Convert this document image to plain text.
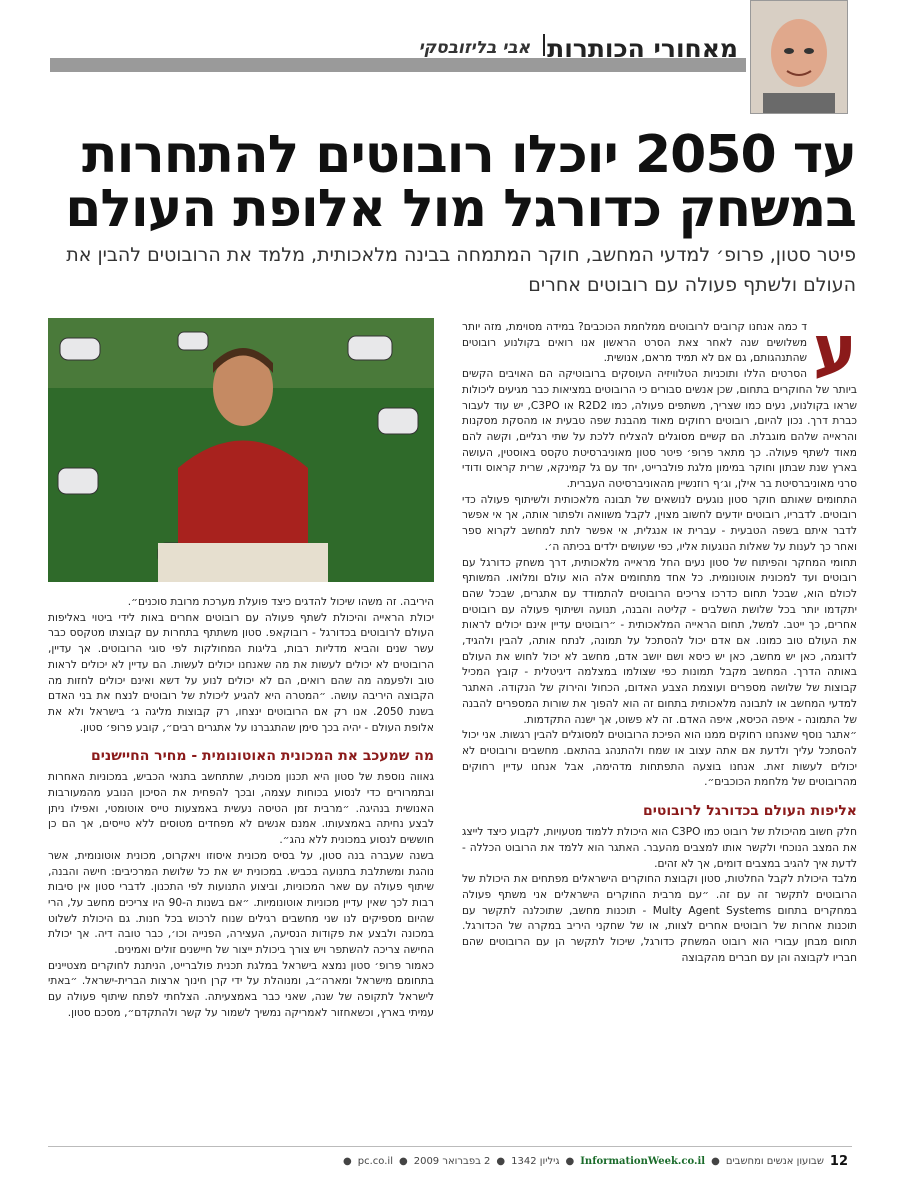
מאחורי הכותרות
אבי בליזובסקי
עד 2050 יוכלו רובוטים להתחרות במשחק כדורגל מול אלופת העולם
פיטר סטון, פרופ׳ למדעי המחשב, חוקר המתמחה בבינה מלאכותית, מלמד את הרובוטים להבין את העולם ולשתף פעולה עם רובוטים אחרים

ע
ד כמה אנחנו קרובים לרובוטים ממלחמת הכוכבים? במידה מסוימת, מזה יותר משלושים שנה לאחר צאת הסרט הראשון אנו רואים בקולנוע רובוטים שהתנהגותם, גם אם לא תמיד מראם, אנושית.

הסרטים הללו ותוכניות הטלוויזיה העוסקים ברובוטיקה הם האויבים הקשים ביותר של החוקרים בתחום, שכן אנשים סבורים כי הרובוטים במציאות כבר מגיעים ליכולות שראו בקולנוע, נעים כמו שצריך, משתפים פעולה, כמו R2D2 או C3PO, יש עוד לעבור כברת דרך. נכון להיום, רובוטים רחוקים מאוד מהבנת שפה טבעית או מהסקת מסקנות והראייה שלהם מוגבלת. הם קשיים מסוגלים להצליח ללכת על שתי רגליים, וקשה להם מאוד לשתף פעולה. כך מתאר פרופ׳ פיטר סטון מאוניברסיטת טקסס באוסטין, העושה בארץ שנת שבתון וחוקר במימון מלגת פולברייט, יחד עם גל קמינקא, שרית קראוס ודודי סרני מאוניברסיטת בר אילן, וג׳ף רוזנשיין מהאוניברסיטה העברית.

התחומים שאותם חוקר סטון נוגעים לנושאים של תבונה מלאכותית ולשיתוף פעולה כדי רובוטים. לדבריו, רובוטים יודעים לחשוב מצוין, לקבל משוואה ולפתור אותה, אך אי אפשר לדבר איתם בשפה הטבעית - עברית או אנגלית, אי אפשר לתת למחשב לקרוא ספר ואחר כך לענות על שאלות הנוגעות אליו, כפי שעושים ילדים בכיתה ה׳.

תחומי המחקר והפיתוח של סטון נעים החל מראייה מלאכותית, דרך משחק כדורגל עם רובוטים ועד למכונית אוטונומית. כל אחד מתחומים אלה הוא עולם ומלואו. המשותף לכולם הוא, שבכל תחום כדרכו צריכים הרובוטים להתמודד עם אתגרים, שבכל שהם יתקדמו יותר בכל שלושת השלבים - קליטה והבנה, תנועה ושיתוף פעולה עם רובוטים אחרים, כך ייטב. למשל, תחום הראייה המלאכותית - ״רובוטים עדיין אינם יכולים לראות את העולם טוב כמונו. אם אדם יכול להסתכל על תמונה, לנתח אותה, להבין ולהגיד, לדוגמה, כאן יש מחשב, כאן יש כיסא ושם יושב אדם, מחשב לא יכול לחוש את העולם באותה הדרך. המחשב מקבל תמונות כפי שצולמו במצלמה דיגיטלית - קובץ המכיל קבוצות של שלושה מספרים ועוצמת הצבע האדום, הכחול והירוק של הנקודה. האתגר למדעי המחשב או לתבונה מלאכותית בתחום זה הוא להפוך את שורות המספרים להבנה של התמונה - איפה הכיסא, איפה האדם. זה לא פשוט, אך ישנה התקדמות.

״אתגר נוסף שאנחנו רחוקים ממנו הוא הפיכת הרובוטים למסוגלים להבין רגשות. אני יכול להסתכל עליך ולדעת אם אתה עצוב או שמח ולהתנהג בהתאם. מחשבים ורובוטים לא יכולים לעשות זאת. אנחנו בוצעה התפתחות מדהימה, אבל אנחנו עדיין רחוקים מהרובוטים של מלחמת הכוכבים״.

אליפות העולם בכדורגל לרובוטים

חלק חשוב מהיכולת של רובוט כמו C3PO הוא היכולת ללמוד מטעויות, לקבוע כיצד לייצג את המצב הנוכחי ולקשר אותו למצבים מהעבר. האתגר הוא ללמד את הרובוט הכללה - לדעת איך להגיב במצבים דומים, אך לא זהים.

מלבד היכולת לקבל החלטות, סטון וקבוצת החוקרים הישראלים מפתחים את היכולת של הרובוטים לתקשר זה עם זה. ״עם מרבית החוקרים הישראלים אני משתף פעולה במחקרים בתחום Multy Agent Systems - תוכנות מחשב, שתוכלנה לתקשר עם תוכנות אחרות של רובוטים אחרים לצוות, או של שחקני היריב במקרה של הכדורגל. תחום מבחן עבורי הוא רובוט המשחק כדורגל, שיכול לתקשר הן עם הרובוטים שהם חבריו לקבוצה והן עם חברים מהקבוצה

היריבה. זה משהו שיכול להדגים כיצד פועלת מערכת מרובת סוכנים״.

יכולת הראייה והיכולת לשתף פעולה עם רובוטים אחרים באות לידי ביטוי באליפות העולם לרובוטים בכדורגל - רובוקאפ. סטון משתתף בתחרות עם קבוצתו מטקסס כבר עשר שנים והביא מדליות רבות, בליגות המחולקות לפי סוגי הרובוטים. אך עדיין, הרובוטים לא יכולים לעשות את מה שאנחנו יכולים לעשות. הם עדיין לא יכולים לראות טוב ולפעמה מה שהם רואים, הם לא יכולים לנוע על דשא ואינם יכולים לחזות מה הקבוצה היריבה עושה. ״המטרה היא להגיע ליכולת של רובוטים לנצח את בני האדם בשנת 2050. אנו רק אם הרובוטים ינצחו, רק קבוצות מליגה ג׳ בישראל ולא את אלופת העולם - יהיה בכך סימן שהתגברנו על אתגרים רבים״, קובע פרופ׳ סטון.

מה שמעכב את המכונית האוטונומית - מחיר החיישנים

גאווה נוספת של סטון היא תכנון מכונית, שתתחשב בתנאי הכביש, במכוניות האחרות ובתמרורים כדי לנסוע בכוחות עצמה, ובכך להפחית את הסיכון הנובע מהמעורבות האנושית בנהיגה. ״מרבית זמן הטיסה נעשית באמצעות טייס אוטומטי, ואפילו ניתן לבצע נחיתה באמצעותו. אמנם אנשים לא מפחדים מטוסים ללא טייסים, אך הם כן חוששים לנסוע במכונית ללא נהג״.

בשנה שעברה בנה סטון, על בסיס מכונית איסוזו ויאקרוס, מכונית אוטונומית, אשר נוהגת ומשתלבת בתנועה בכביש. במכונית יש את כל שלושת המרכיבים: חישה והבנה, שיתוף פעולה עם שאר המכוניות, וביצוע התנועות לפי התכנון. לדברי סטון אין סיבות רבות לכך שאין עדיין מכוניות אוטונומיות. ״אם בשנות ה-90 היו צריכים מחשב על, הרי שהיום מספיקים לנו שני מחשבים רגילים שנוח לרכוש בכל חנות. גם היכולת לשלוט במכונה ולבצע את פקודות הנסיעה, העצירה, הפנייה וכו׳, כבר טובה דיה. אך יכולת החישה צריכה להשתפר ויש צורך ביכולת ייצור של חיישנים זולים ואמינים.

כאמור פרופ׳ סטון נמצא בישראל במלגת תכנית פולברייט, הניתנת לחוקרים מצטיינים בתחומם מישראל ומארה״ב, ומנוהלת על ידי קרן חינוך ארצות הברית-ישראל. ״באתי לישראל לתקופה של שנה, שאני כבר באמצעיתה. הצלחתי לפתח שיתוף פעולה עם עמיתי בארץ, וכשאחזור לאמריקה נמשיך לשמור על קשר ולהתקדם״, מסכם סטון.

12
שבועון אנשים ומחשבים
●
InformationWeek.co.il
●
גיליון 1342
●
2 בפברואר 2009
●
pc.co.il
●
